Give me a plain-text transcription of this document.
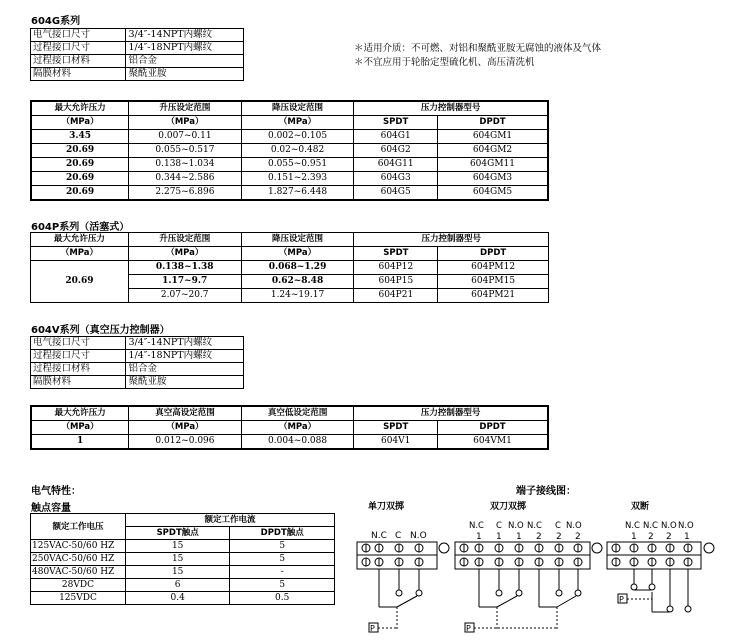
604G系列
电气接口尺寸	3/4″-14NPT内螺纹
过程接口尺寸	1/4″-18NPT内螺纹
过程接口材料	铝合金
隔膜材料	聚酰亚胺
＊适用介质：不可燃、对铝和聚酰亚胺无腐蚀的液体及气体
＊不宜应用于轮胎定型硫化机、高压清洗机
最大允许压力	升压设定范围	降压设定范围	压力控制器型号	
（MPa）	（MPa）	（MPa）	SPDT	DPDT
3.45	0.007~0.11	0.002~0.105	604G1	604GM1
20.69	0.055~0.517	0.02~0.482	604G2	604GM2
20.69	0.138~1.034	0.055~0.951	604G11	604GM11
20.69	0.344~2.586	0.151~2.393	604G3	604GM3
20.69	2.275~6.896	1.827~6.448	604G5	604GM5
604P系列（活塞式）
最大允许压力	升压设定范围	降压设定范围	压力控制器型号	
（MPa）	（MPa）	（MPa）	SPDT	DPDT
20.69	0.138~1.38	0.068~1.29	604P12	604PM12
	1.17~9.7	0.62~8.48	604P15	604PM15
	2.07~20.7	1.24~19.17	604P21	604PM21
604V系列（真空压力控制器）
电气接口尺寸	3/4″-14NPT内螺纹
过程接口尺寸	1/4″-18NPT内螺纹
过程接口材料	铝合金
隔膜材料	聚酰亚胺
最大允许压力	真空高设定范围	真空低设定范围	压力控制器型号	
（MPa）	（MPa）	（MPa）	SPDT	DPDT
1	0.012~0.096	0.004~0.088	604V1	604VM1
电气特性：
触点容量
额定工作电压	额定工作电流	
	SPDT触点	DPDT触点
125VAC-50/60 HZ	15	5
250VAC-50/60 HZ	15	5
480VAC-50/60 HZ	15	-
28VDC	6	5
125VDC	0.4	0.5
端子接线图：
单刀双掷	双刀双掷	双断
N.C C N.O
P
N.C C N.O N.C C N.O
1 1 1 2 2 2
P
N.C N.C N.O N.O
1 2 2 1
P
